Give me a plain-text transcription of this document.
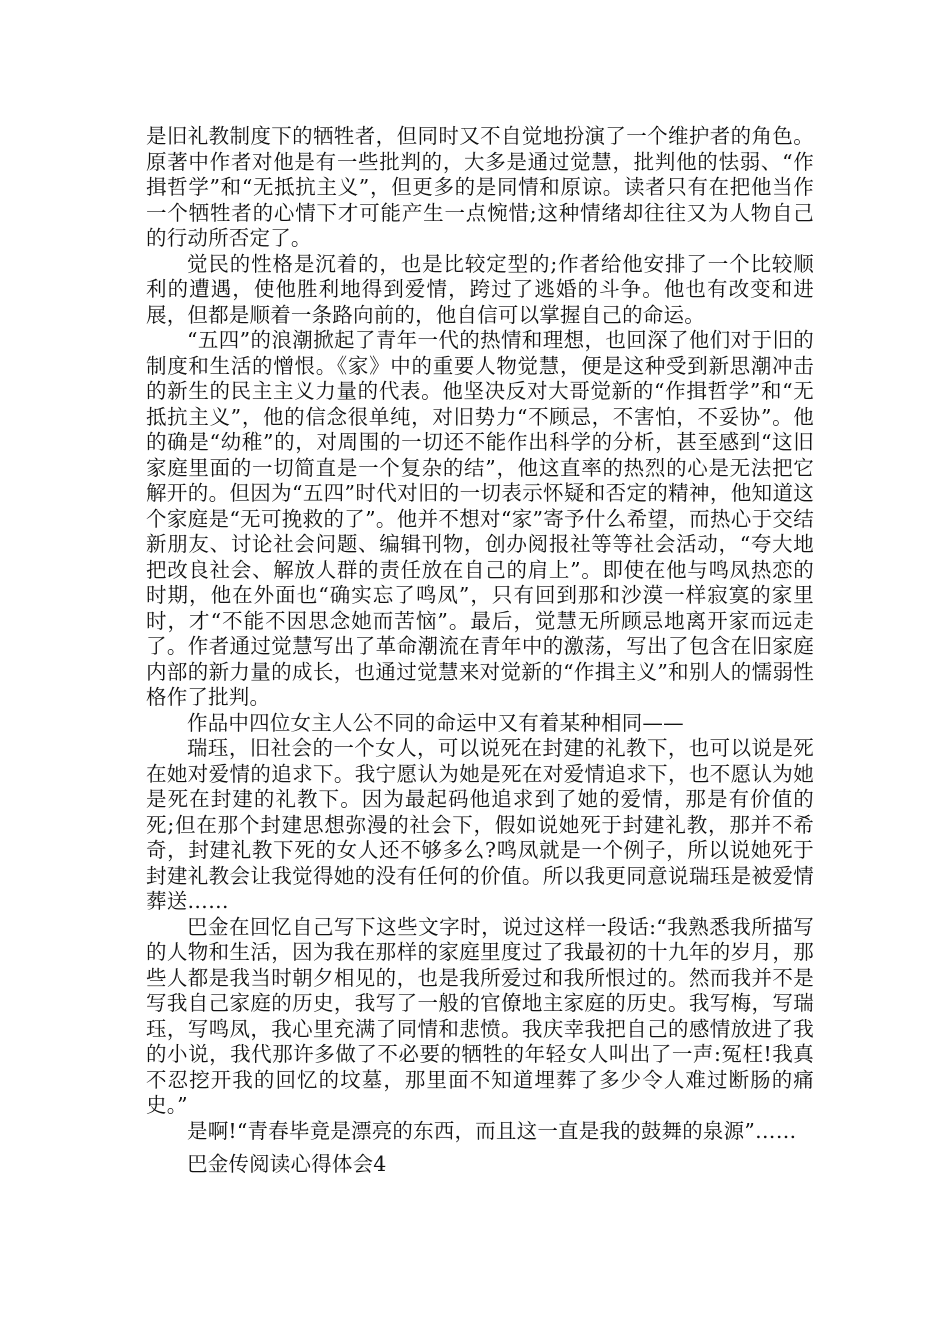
是旧礼教制度下的牺牲者，但同时又不自觉地扮演了一个维护者的角色。原著中作者对他是有一些批判的，大多是通过觉慧，批判他的怯弱、“作揖哲学”和“无抵抗主义”，但更多的是同情和原谅。读者只有在把他当作一个牺牲者的心情下才可能产生一点惋惜;这种情绪却往往又为人物自己的行动所否定了。

觉民的性格是沉着的，也是比较定型的;作者给他安排了一个比较顺利的遭遇，使他胜利地得到爱情，跨过了逃婚的斗争。他也有改变和进展，但都是顺着一条路向前的，他自信可以掌握自己的命运。

“五四”的浪潮掀起了青年一代的热情和理想，也回深了他们对于旧的制度和生活的憎恨。《家》中的重要人物觉慧，便是这种受到新思潮冲击的新生的民主主义力量的代表。他坚决反对大哥觉新的“作揖哲学”和“无抵抗主义”，他的信念很单纯，对旧势力“不顾忌，不害怕，不妥协”。他的确是“幼稚”的，对周围的一切还不能作出科学的分析，甚至感到“这旧家庭里面的一切简直是一个复杂的结”，他这直率的热烈的心是无法把它解开的。但因为“五四”时代对旧的一切表示怀疑和否定的精神，他知道这个家庭是“无可挽救的了”。他并不想对“家”寄予什么希望，而热心于交结新朋友、讨论社会问题、编辑刊物，创办阅报社等等社会活动，“夸大地把改良社会、解放人群的责任放在自己的肩上”。即使在他与鸣凤热恋的时期，他在外面也“确实忘了鸣凤”，只有回到那和沙漠一样寂寞的家里时，才“不能不因思念她而苦恼”。最后，觉慧无所顾忌地离开家而远走了。作者通过觉慧写出了革命潮流在青年中的激荡，写出了包含在旧家庭内部的新力量的成长，也通过觉慧来对觉新的“作揖主义”和别人的懦弱性格作了批判。

作品中四位女主人公不同的命运中又有着某种相同——

瑞珏，旧社会的一个女人，可以说死在封建的礼教下，也可以说是死在她对爱情的追求下。我宁愿认为她是死在对爱情追求下，也不愿认为她是死在封建的礼教下。因为最起码他追求到了她的爱情，那是有价值的死;但在那个封建思想弥漫的社会下，假如说她死于封建礼教，那并不希奇，封建礼教下死的女人还不够多么?鸣凤就是一个例子，所以说她死于封建礼教会让我觉得她的没有任何的价值。所以我更同意说瑞珏是被爱情葬送……

巴金在回忆自己写下这些文字时，说过这样一段话:“我熟悉我所描写的人物和生活，因为我在那样的家庭里度过了我最初的十九年的岁月，那些人都是我当时朝夕相见的，也是我所爱过和我所恨过的。然而我并不是写我自己家庭的历史，我写了一般的官僚地主家庭的历史。我写梅，写瑞珏，写鸣凤，我心里充满了同情和悲愤。我庆幸我把自己的感情放进了我的小说，我代那许多做了不必要的牺牲的年轻女人叫出了一声:冤枉!我真不忍挖开我的回忆的坟墓，那里面不知道埋葬了多少令人难过断肠的痛史。”

是啊!“青春毕竟是漂亮的东西，而且这一直是我的鼓舞的泉源”……

巴金传阅读心得体会4
